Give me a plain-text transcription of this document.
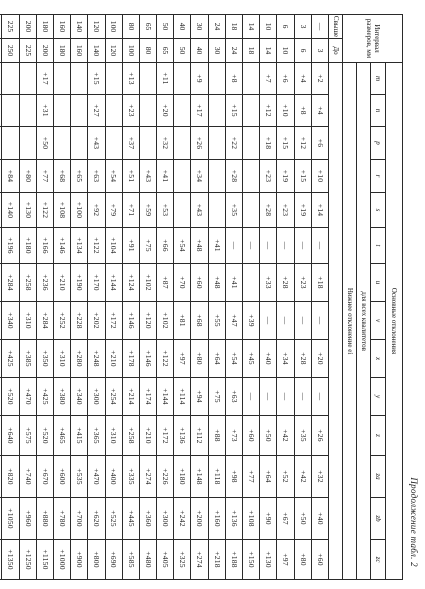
Продолжение табл. 2
Интервал размеров, мм		Основные отклонения													
		m	n	p	r	s	t	u	v	x	y	z	za	zb	zc
		для всех квалитетов													
		Нижнее отклонение ei													
Свыше	До														
—	3	+2	+4	+6	+10	+14	—	+18	—	+20	—	+26	+32	+40	+60
3	6	+4	+8	+12	+15	+19	—	+23	—	+28	—	+35	+42	+50	+80
6	10	+6	+10	+15	+19	+23	—	+28	—	+34	—	+42	+52	+67	+97
10	14	+7	+12	+18	+23	+28	—	+33	—	+40	—	+50	+64	+90	+130
14	18						—		+39	+45	—	+60	+77	+108	+150
18	24	+8	+15	+22	+28	+35	—	+41	+47	+54	+63	+73	+98	+136	+188
24	30						+41	+48	+55	+64	+75	+88	+118	+160	+218
30	40	+9	+17	+26	+34	+43	+48	+60	+68	+80	+94	+112	+148	+200	+274
40	50						+54	+70	+81	+97	+114	+136	+180	+242	+325
50	65	+11	+20	+32	+41	+53	+66	+87	+102	+122	+144	+172	+226	+300	+405
65	80				+43	+59	+75	+102	+120	+146	+174	+210	+274	+360	+480
80	100	+13	+23	+37	+51	+71	+91	+124	+146	+178	+214	+258	+335	+445	+585
100	120				+54	+79	+104	+144	+172	+210	+254	+310	+400	+525	+690
120	140	+15	+27	+43	+63	+92	+122	+170	+202	+248	+300	+365	+470	+620	+800
140	160				+65	+100	+134	+190	+228	+280	+340	+415	+535	+700	+900
160	180				+68	+108	+146	+210	+252	+310	+380	+465	+600	+780	+1000
180	200	+17	+31	+50	+77	+122	+166	+236	+284	+350	+425	+520	+670	+880	+1150
200	225				+80	+130	+180	+258	+310	+385	+470	+575	+740	+960	+1250
225	250				+84	+140	+196	+284	+340	+425	+520	+640	+820	+1050	+1350
